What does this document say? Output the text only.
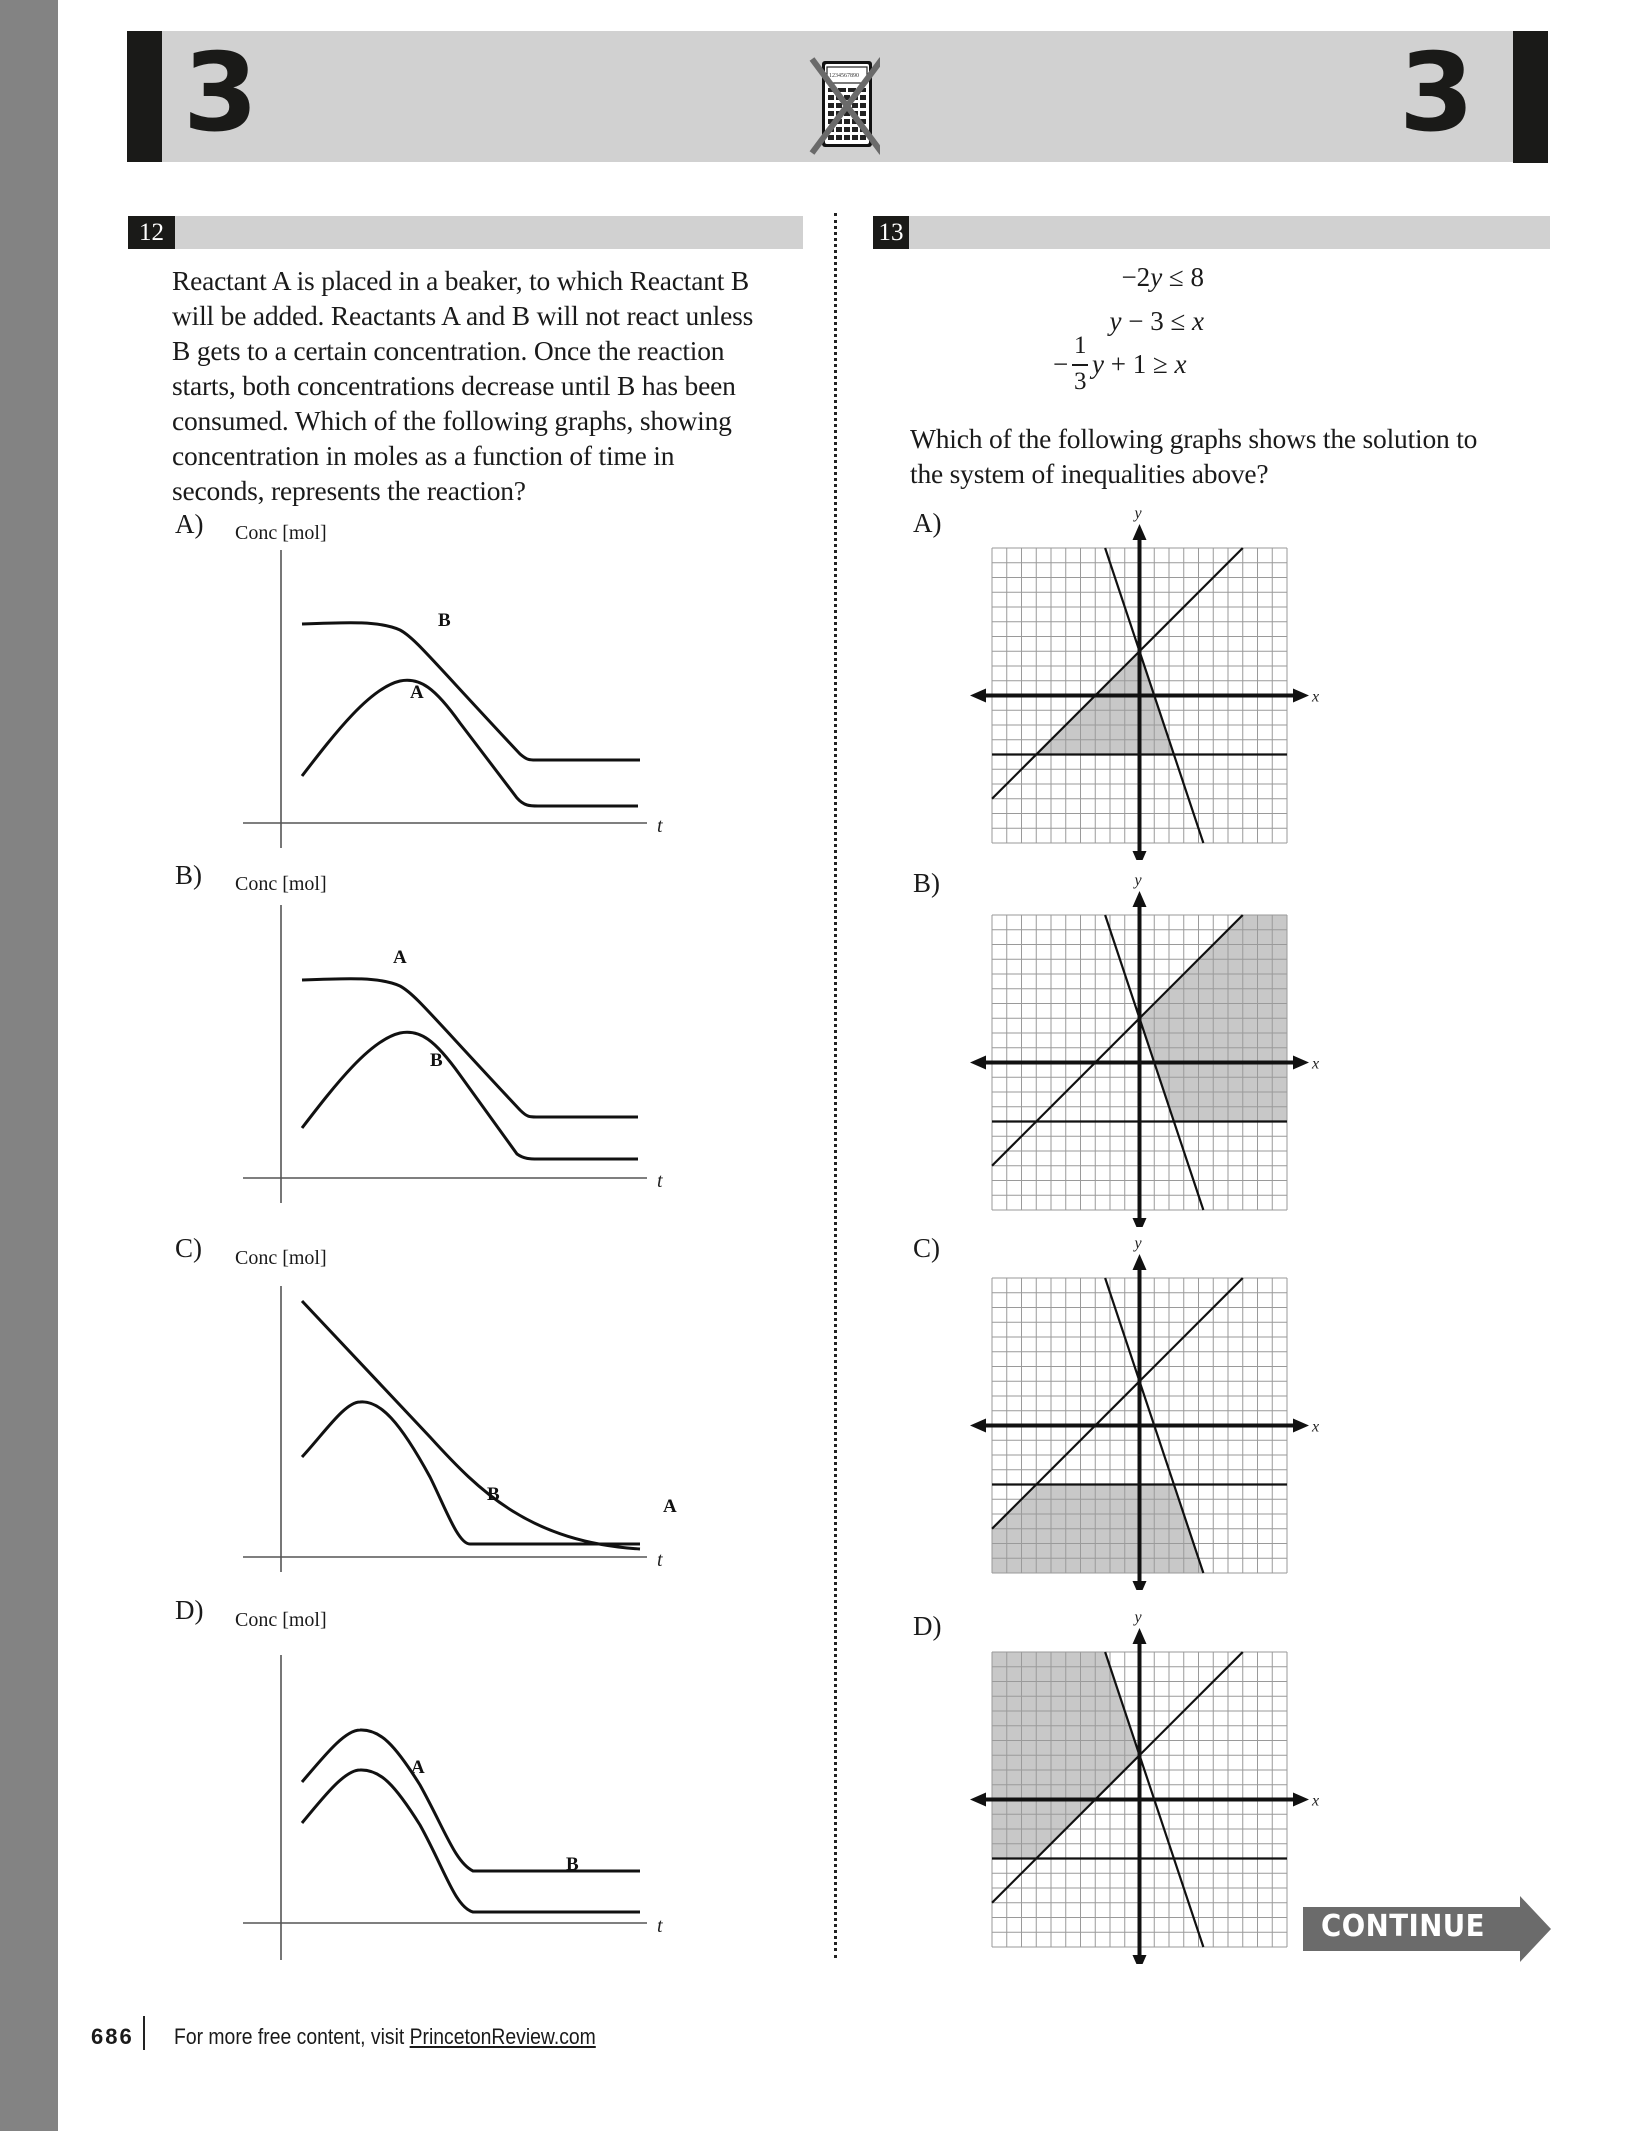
3	3
1234567890
12	13
Reactant A is placed in a beaker, to which Reactant B
will be added. Reactants A and B will not react unless
B gets to a certain concentration. Once the reaction
starts, both concentrations decrease until B has been
consumed. Which of the following graphs, showing
concentration in moles as a function of time in
seconds, represents the reaction?
A) Conc [mol]
t
B
A
B) Conc [mol]
t
A
B
C) Conc [mol]
t
B
A
D) Conc [mol]
t
A
B
−2y ≤ 8
y − 3 ≤ x
−
1
3
y + 1 ≥ x
Which of the following graphs shows the solution to
the system of inequalities above?
A)
B)
C)
D)
x
y
x
y
x
y
x
y
CONTINUE
686 For more free content, visit PrincetonReview.com
